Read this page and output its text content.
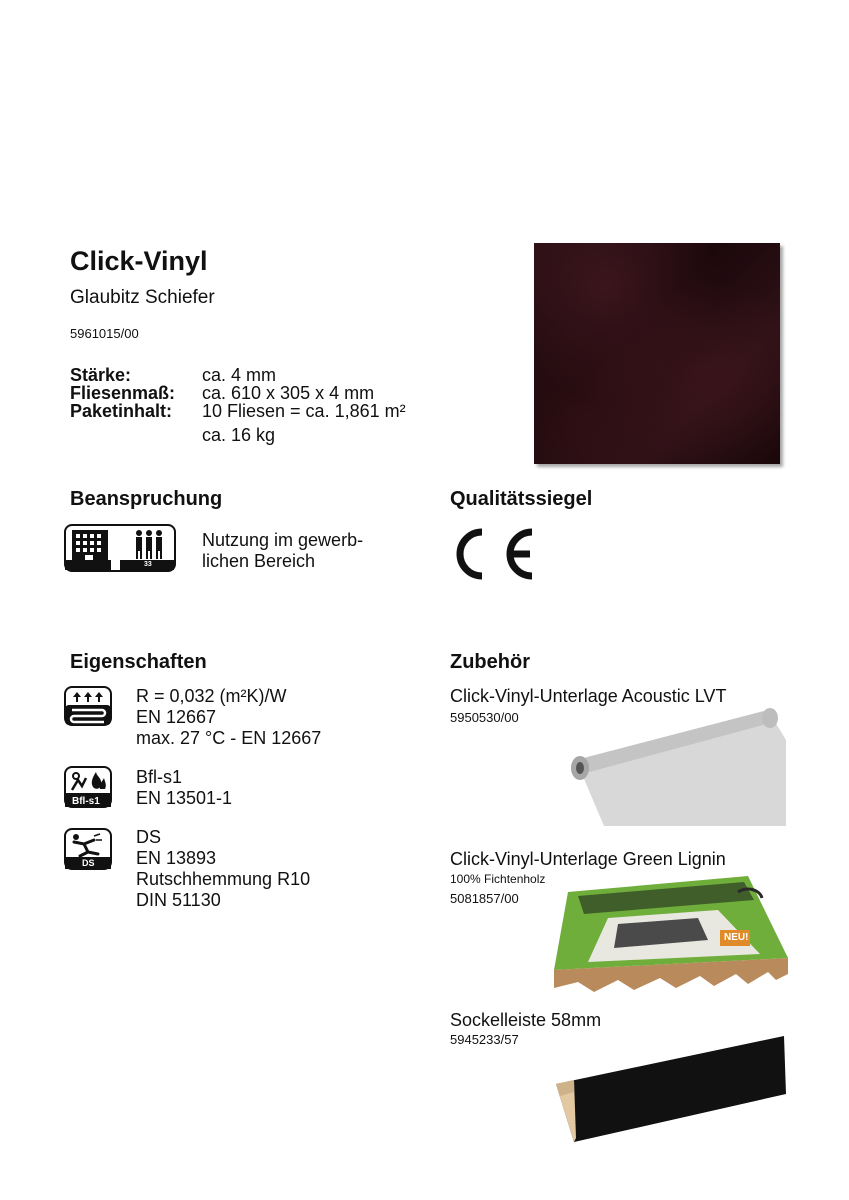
Click-Vinyl
Glaubitz Schiefer
5961015/00
Stärke:	ca. 4 mm
Fliesenmaß:	ca. 610 x 305 x 4 mm
Paketinhalt:	10 Fliesen = ca. 1,861 m²
ca. 16 kg
Beanspruchung
33
Nutzung im gewerb-
lichen Bereich
Qualitätssiegel
Eigenschaften
R = 0,032 (m²K)/W
EN 12667
max. 27 °C - EN 12667
Bfl-s1
Bfl-s1
EN 13501-1
DS
DS
EN 13893
Rutschhemmung R10
DIN 51130
Zubehör
Click-Vinyl-Unterlage Acoustic LVT
5950530/00
Click-Vinyl-Unterlage Green Lignin
100% Fichtenholz
5081857/00
NEU!
Sockelleiste 58mm
5945233/57
